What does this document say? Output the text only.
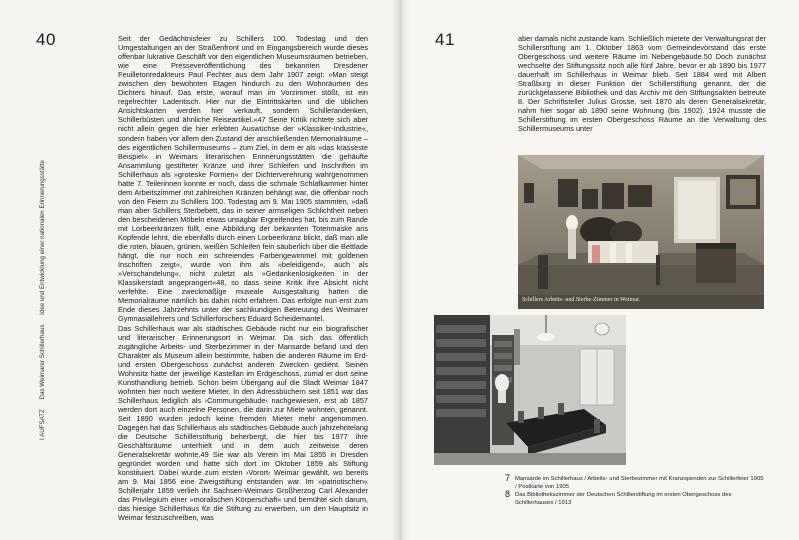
40
I AUFSATZ Das Weimarer Schillerhaus Idee und Entwicklung einer nationalen Erinnerungsstätte

Seit der Gedächtnisfeier zu Schillers 100. Todestag und den Umgestaltungen an der Straßenfront und im Eingangsbereich wurde dieses offenbar lukrative Geschäft vor den eigentlichen Museumsräumen betrieben, wie eine Presseveröffentlichung des bekannten Dresdener Feuilletonredakteurs Paul Fechter aus dem Jahr 1907 zeigt: »Man steigt zwischen den bewohnten Etagen hindurch zu den Wohnräumen des Dichters hinauf. Das erste, worauf man im Vorzimmer stößt, ist ein regelrechter Ladentisch. Hier nur die Eintrittskarten und die üblichen Ansichtskarten werden hier verkauft, sondern Schillerandenken, Schillerbüsten und ähnliche Reiseartikel.«47 Seine Kritik richtete sich aber nicht allein gegen die hier erlebten Auswüchse der »Klassiker-Industrie«, sondern haben vor allem den Zustand der anschließenden Memorialräume – des eigentlichen Schillermuseums – zum Ziel, in dem er als »das krasseste Beispiel« in Weimars literarischen Erinnerungsstätten die gehäufte Ansammlung gestifteter Kränze und ihrer Schleifen und Inschriften im Schillerhaus als »groteske Formen« der Dichterverehrung wahrgenommen hatte 7. Teilerinnen konnte er noch, dass die schmale Schlafkammer hinter dem Arbeitszimmer mit zahlreichen Kränzen behängt war, die offenbar noch von den Feiern zu Schillers 100. Todestag am 9. Mai 1905 stammten, »daß man aber Schillers Sterbebett, das in seiner armseligen Schlichtheit neben den bescheidenen Möbeln etwas unsagbar Ergreifendes hat, bis zum Rande mit Lorbeerkränzen füllt, eine Abbildung der bekannten Totenmaske ans Kopfende lehnt, die ebenfalls durch einen Lorbeerkranz blickt, daß man alle die roten, blauen, grünen, weißen Schleifen fein säuberlich über die Bettlade hängt, die nur noch ein schreiendes Farbengewimmel mit goldenen Inschriften zeigt«, wurde von ihm als »beleidigend«, auch als »Verschandelung«, nicht zuletzt als »Gedankenlosigkeiten in der Klassikerstadt angeprangert«48, so dass seine Kritik ihre Absicht nicht verfehlte. Eine zweckmäßige museale Ausgestaltung hatten die Memorialräume nämlich bis dahin nicht erfahren. Das erfolgte nun erst zum Ende dieses Jahrzehnts unter der sachkundigen Betreuung des Weimarer Gymnasiallehrers und Schillerforschers Eduard Scheidemantel.

Das Schillerhaus war als städtisches Gebäude nicht nur ein biografischer und literarischer Erinnerungsort in Weimar. Da sich das öffentlich zugängliche Arbeits- und Sterbezimmer in der Mansarde befand und den Charakter als Museum allein bestimmte, haben die anderen Räume im Erd- und ersten Obergeschoss zunächst anderen Zwecken gedient. Seinen Wohnsitz hatte der jeweilige Kastellan im Erdgeschoss, zumal er dort seine Kunsthandlung betrieb. Schon beim Übergang auf die Stadt Weimar 1847 wohnten hier noch weitere Mieter. In den Adressbüchern seit 1851 war das Schillerhaus lediglich als ›Commungebäude‹ nachgewiesen, erst ab 1857 werden dort auch einzelne Personen, die darin zur Miete wohnten, genannt. Seit 1890 wurden jedoch keine fremden Mieter mehr angenommen. Dagegen hat das Schillerhaus als städtisches Gebäude auch jahrzehntelang die Deutsche Schillerstiftung beherbergt, die hier bis 1977 ihre Geschäftsräume unterhielt und in dem auch zeitweise deren Generalsekretär wohnte.49 Sie war als Verein im Mai 1855 in Dresden gegründet worden und hatte sich dort im Oktober 1859 als Stiftung konstituiert. Dabei wurde zum ersten ›Vorort‹ Weimar gewählt, wo bereits am 9. Mai 1856 eine Zweigstiftung entstanden war. Im »patriotischen« Schillerjahr 1859 verlieh ihr Sachsen-Weimars Großherzog Carl Alexander das Privilegium einer »moralischen Körperschaft« und bemühte sich darum, das hiesige Schillerhaus für die Stiftung zu erwerben, um den Hauptsitz in Weimar festzuschreiben, was

41	aber damals nicht zustande kam. Schließlich mietete der Verwaltungsrat der Schillerstiftung am 1. Oktober 1863 vom Gemeindevorstand das erste Obergeschoss und weitere Räume im Nebengebäude.50 Doch zunächst wechselte der Stiftungssitz noch alle fünf Jahre, bevor er ab 1890 bis 1977 dauerhaft im Schillerhaus in Weimar blieb. Seit 1884 wird mit Albert Straßburg in dieser Funktion der Schillerstiftung genannt, der die zurückgelassene Bibliothek und das Archiv mit den Stiftungsakten betreute 8. Der Schriftsteller Julius Grosse, seit 1870 als deren Generalsekretär, nahm hier sogar ab 1890 seine Wohnung (bis 1902). 1924 musste die Schillerstiftung im ersten Obergeschoss Räume an die Verwaltung des Schillermuseums unter

Schillers Arbeits- und Sterbe-Zimmer in Weimar.
7 Mansarde im Schillerhaus / Arbeits- und Sterbezimmer mit Kranzspenden zur Schillerfeier 1905 / Postkarte von 1905
8 Das Bibliothekszimmer der Deutschen Schillerstiftung im ersten Obergeschoss des Schillerhauses / 1913
